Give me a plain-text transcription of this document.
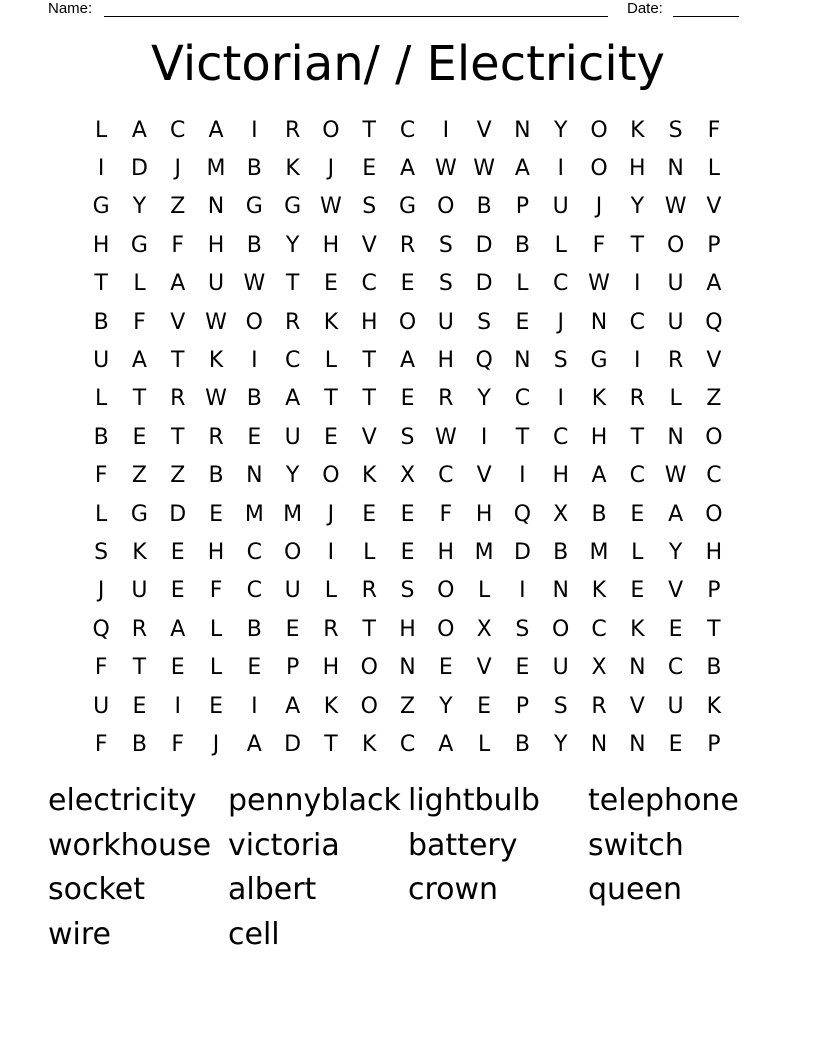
Name:	Date:
Victorian/ / Electricity
L	A	C	A	I	R O	T	C	I	V	N	Y	O	K	S	F
I	D	J	M B	K	J	E	A W W A	I	O H N	L
G	Y	Z	N G G W S	G O	B	P	U	J	Y W V
H G	F	H	B	Y	H	V	R	S	D	B	L	F	T	O	P
T	L	A	U W T	E	C	E	S	D	L	C W	I	U	A
B	F	V W O R	K	H O U	S	E	J	N	C	U Q
U	A	T	K	I	C	L	T	A	H Q N	S	G	I	R	V
L	T	R W B	A	T	T	E	R	Y	C	I	K	R	L	Z
B	E	T	R	E	U	E	V	S W	I	T	C	H	T	N O
F	Z	Z	B	N	Y	O	K	X	C	V	I	H	A	C W C
L	G D	E M M	J	E	E	F	H Q	X	B	E	A	O
S	K	E	H	C O	I	L	E	H M D	B M	L	Y	H
J	U	E	F	C	U	L	R	S	O	L	I	N	K	E	V	P
Q R	A	L	B	E	R	T	H O	X	S	O C	K	E	T
F	T	E	L	E	P	H O N	E	V	E	U	X	N	C	B
U	E	I	E	I	A	K	O	Z	Y	E	P	S	R	V	U	K
F	B	F	J	A	D	T	K	C	A	L	B	Y	N N	E	P
electricity	pennyblack lightbulb	telephone
workhouse victoria	battery	switch
socket	albert	crown	queen
wire	cell
